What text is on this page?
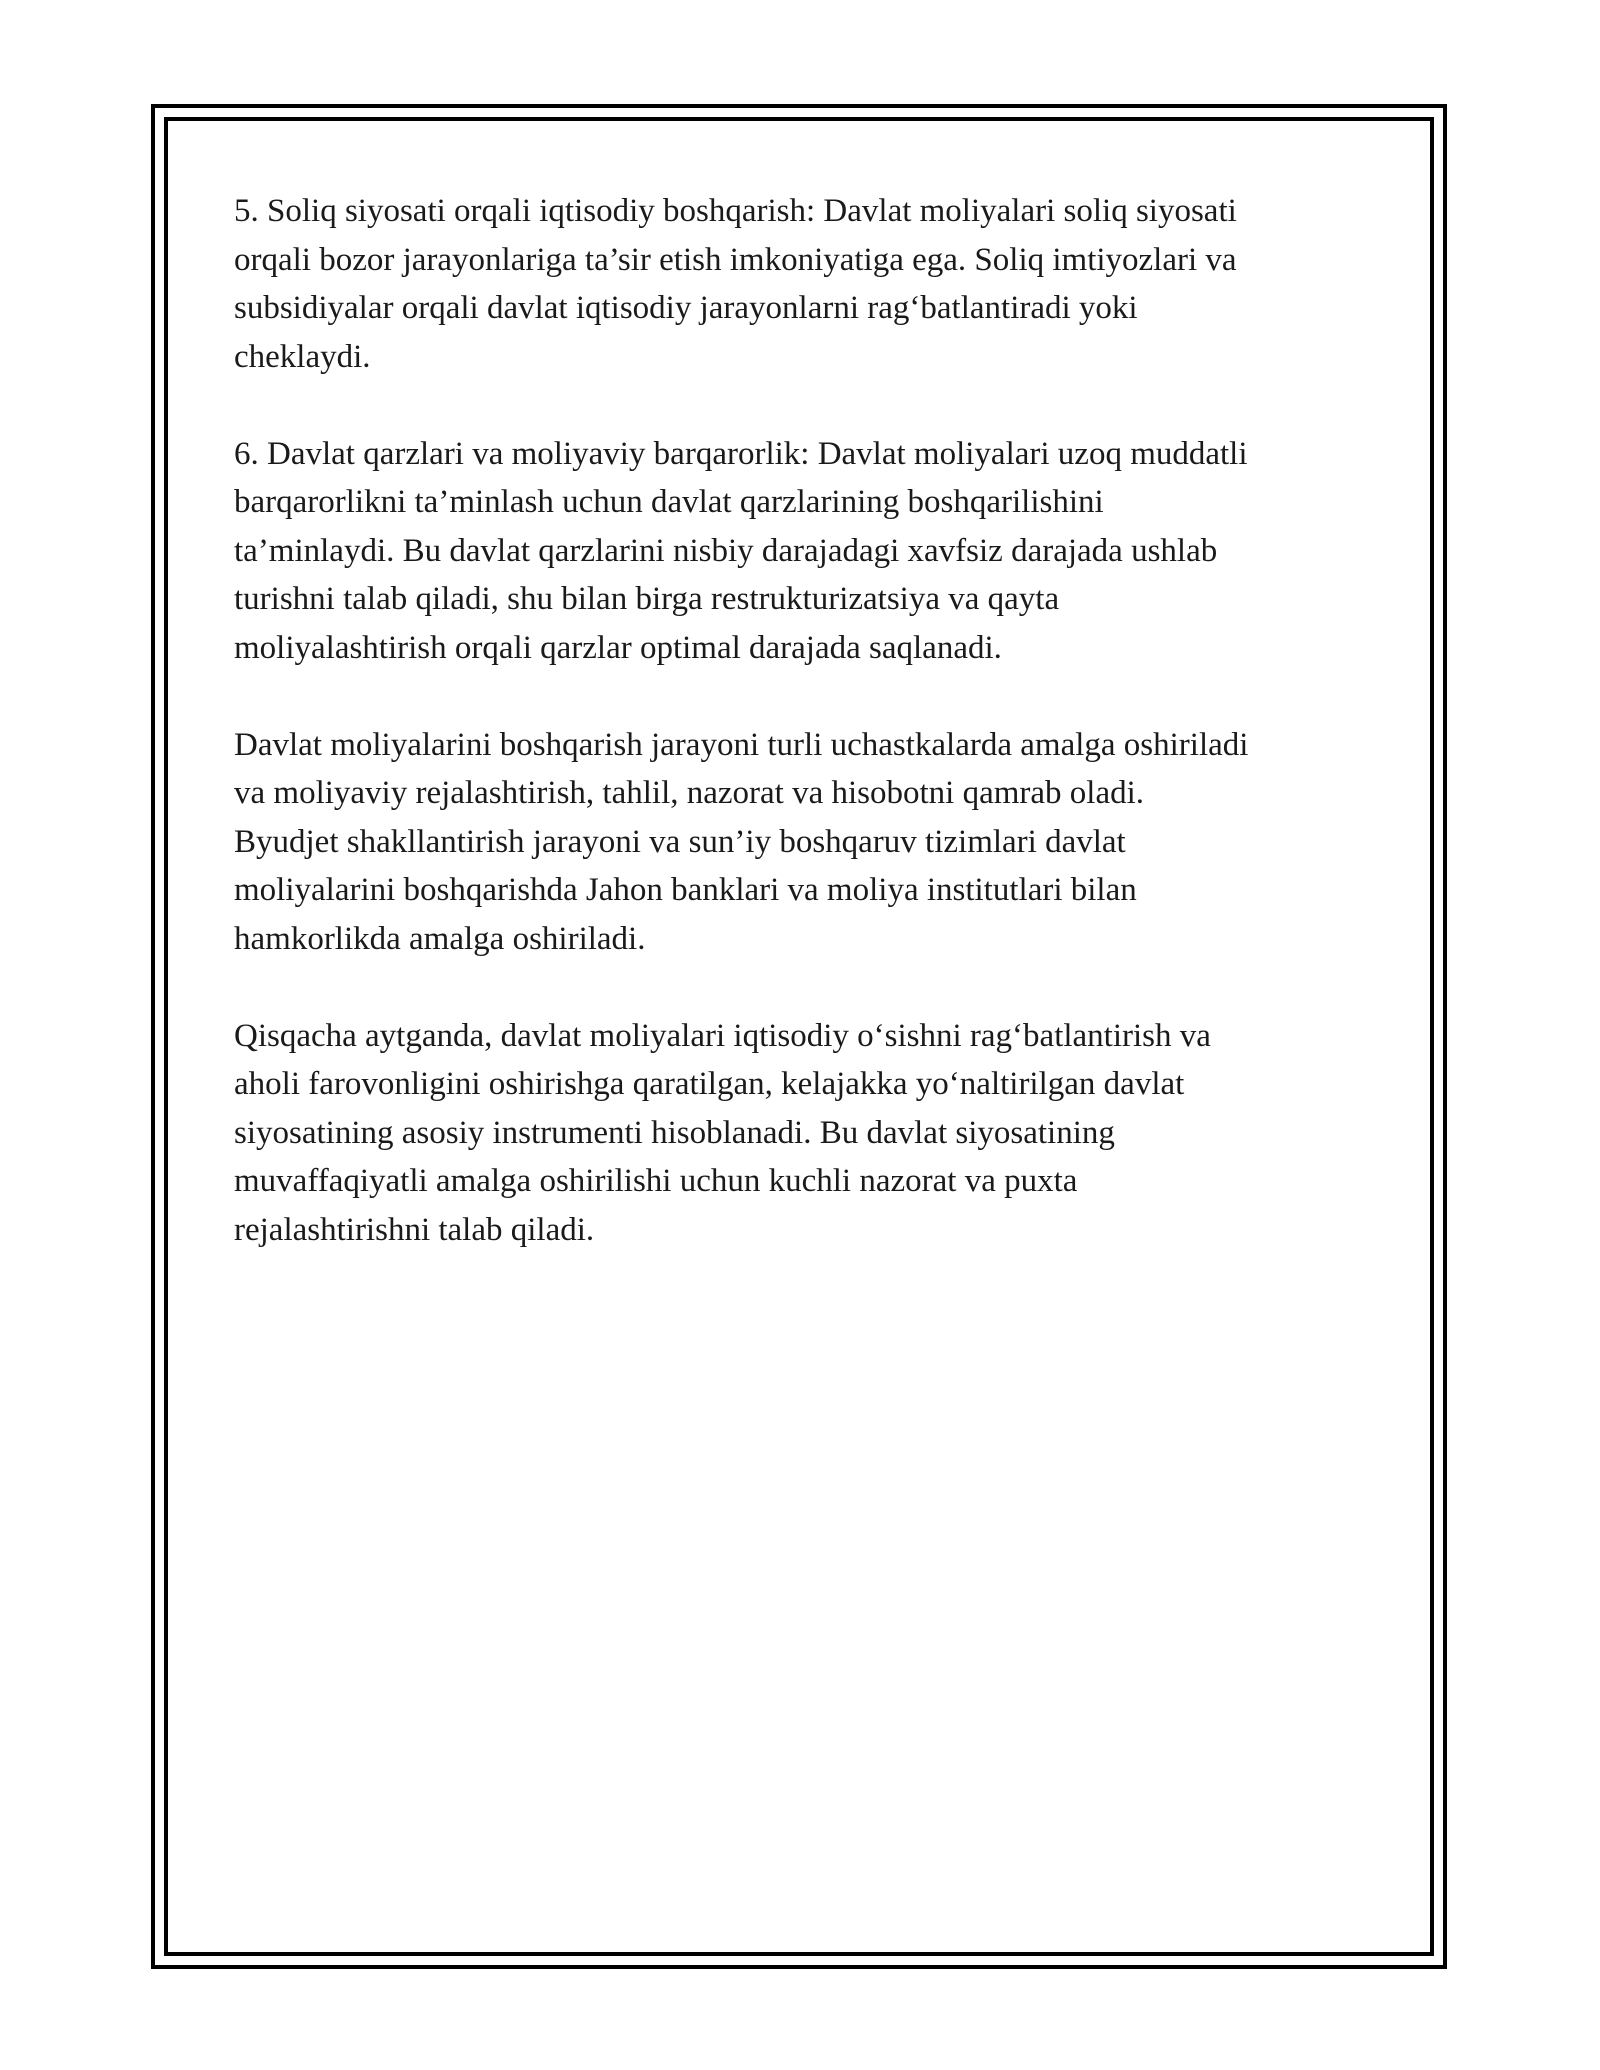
5. Soliq siyosati orqali iqtisodiy boshqarish: Davlat moliyalari soliq siyosati
orqali bozor jarayonlariga ta’sir etish imkoniyatiga ega. Soliq imtiyozlari va
subsidiyalar orqali davlat iqtisodiy jarayonlarni rag‘batlantiradi yoki
cheklaydi.

6. Davlat qarzlari va moliyaviy barqarorlik: Davlat moliyalari uzoq muddatli
barqarorlikni ta’minlash uchun davlat qarzlarining boshqarilishini
ta’minlaydi. Bu davlat qarzlarini nisbiy darajadagi xavfsiz darajada ushlab
turishni talab qiladi, shu bilan birga restrukturizatsiya va qayta
moliyalashtirish orqali qarzlar optimal darajada saqlanadi.

Davlat moliyalarini boshqarish jarayoni turli uchastkalarda amalga oshiriladi
va moliyaviy rejalashtirish, tahlil, nazorat va hisobotni qamrab oladi.
Byudjet shakllantirish jarayoni va sun’iy boshqaruv tizimlari davlat
moliyalarini boshqarishda Jahon banklari va moliya institutlari bilan
hamkorlikda amalga oshiriladi.

Qisqacha aytganda, davlat moliyalari iqtisodiy o‘sishni rag‘batlantirish va
aholi farovonligini oshirishga qaratilgan, kelajakka yo‘naltirilgan davlat
siyosatining asosiy instrumenti hisoblanadi. Bu davlat siyosatining
muvaffaqiyatli amalga oshirilishi uchun kuchli nazorat va puxta
rejalashtirishni talab qiladi.
